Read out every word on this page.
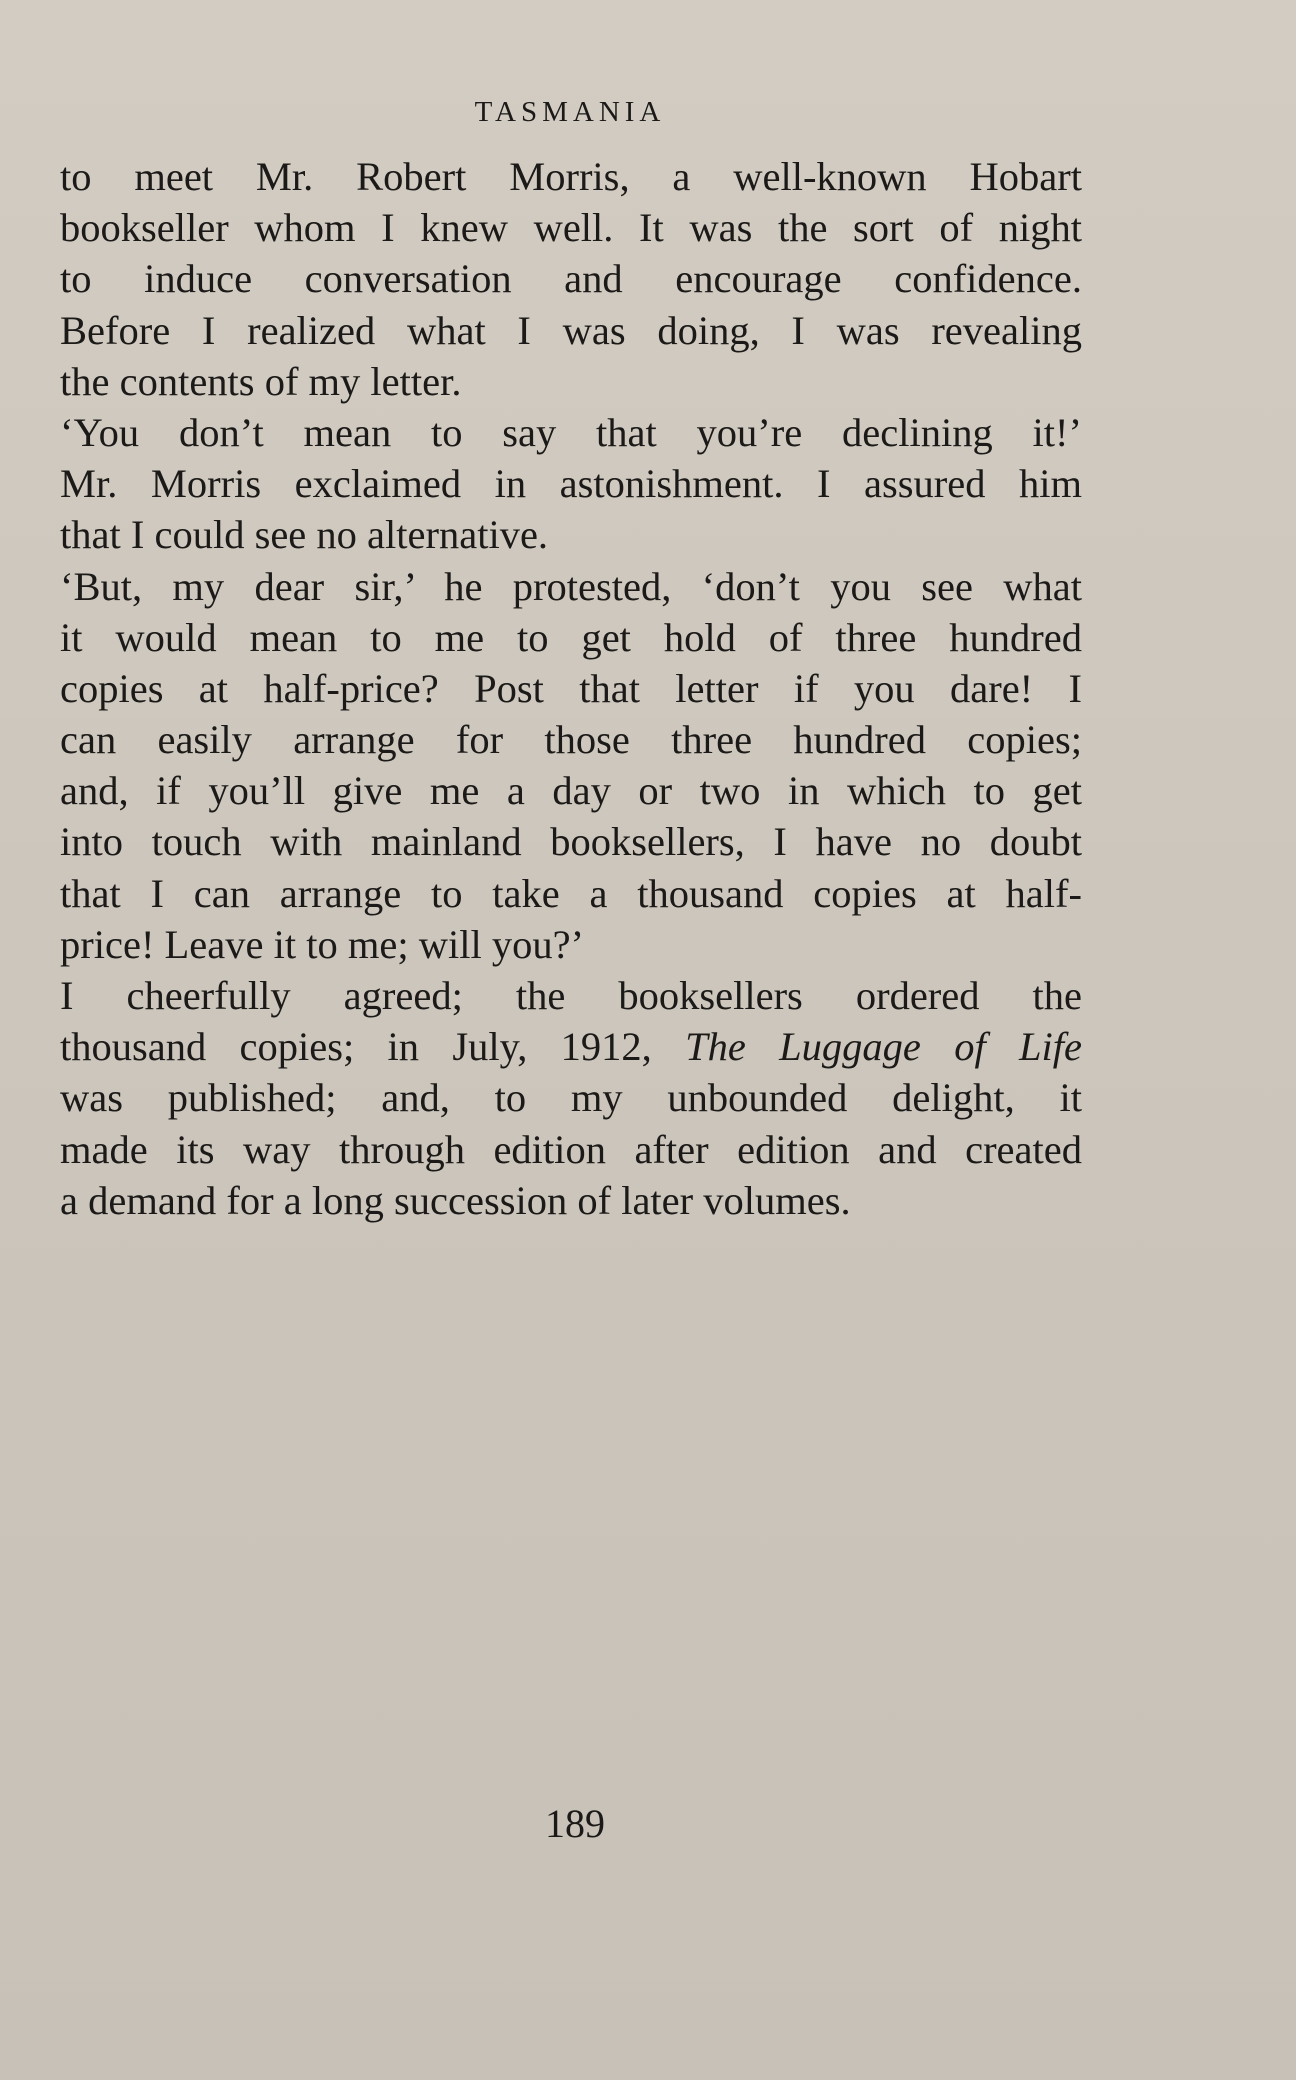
TASMANIA
to meet Mr. Robert Morris, a well-known Hobart
bookseller whom I knew well. It was the sort of night
to induce conversation and encourage confidence.
Before I realized what I was doing, I was revealing
the contents of my letter.
‘You don’t mean to say that you’re declining it!’
Mr. Morris exclaimed in astonishment. I assured him
that I could see no alternative.
‘But, my dear sir,’ he protested, ‘don’t you see what
it would mean to me to get hold of three hundred
copies at half-price? Post that letter if you dare! I
can easily arrange for those three hundred copies;
and, if you’ll give me a day or two in which to get
into touch with mainland booksellers, I have no doubt
that I can arrange to take a thousand copies at half-
price! Leave it to me; will you?’
I cheerfully agreed; the booksellers ordered the
thousand copies; in July, 1912, The Luggage of Life
was published; and, to my unbounded delight, it
made its way through edition after edition and created
a demand for a long succession of later volumes.
189
